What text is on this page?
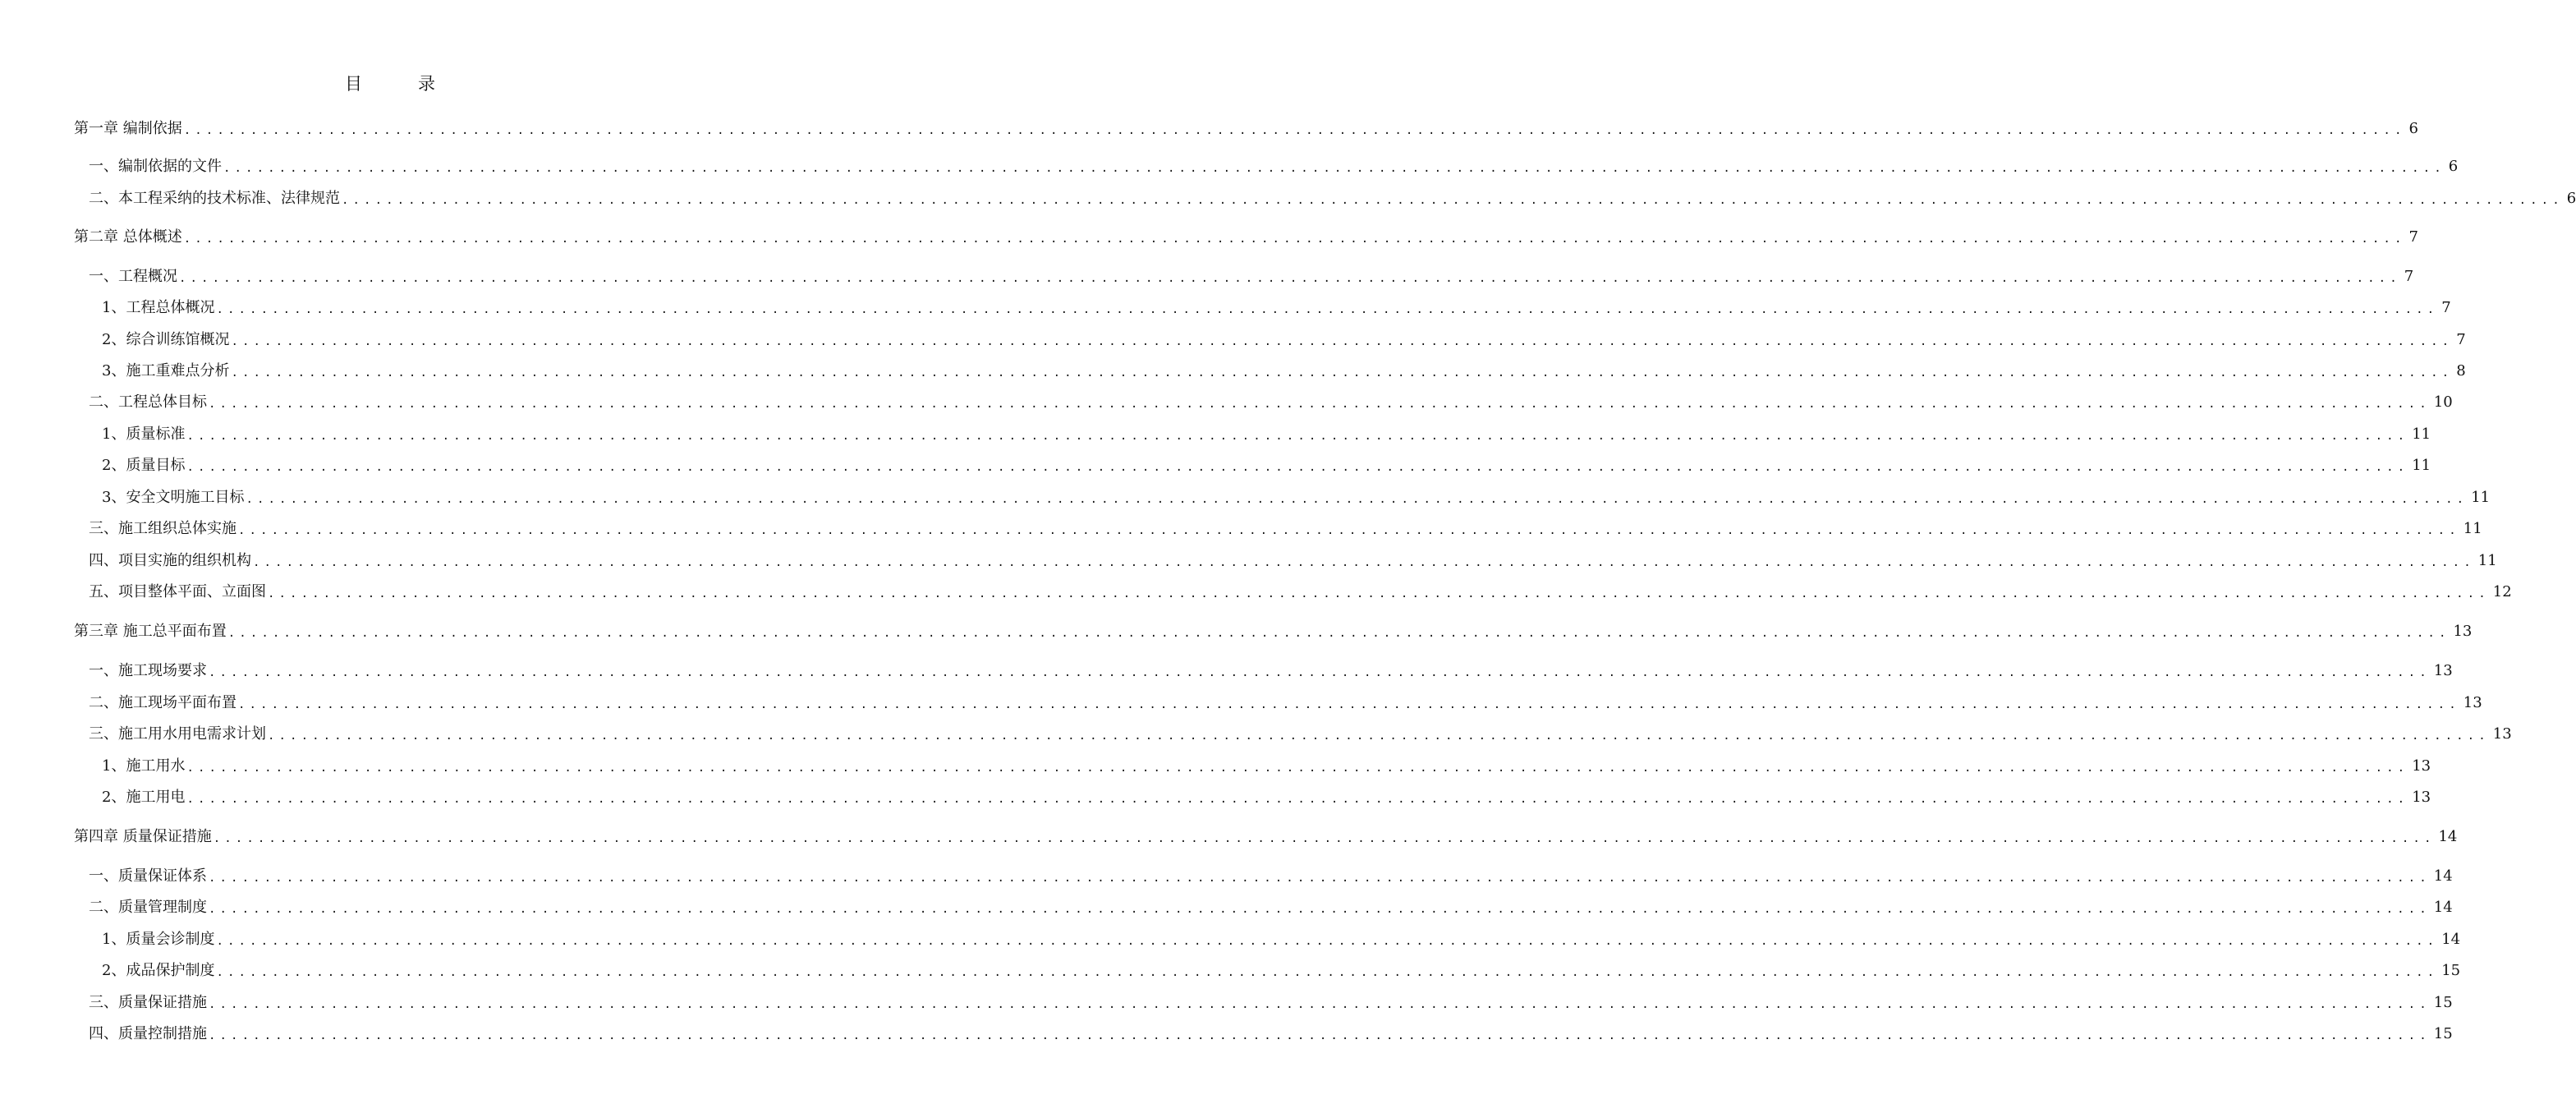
目	录
第一章 编制依据 ........................................................................................................................................................................................................ 6
一、编制依据的文件 ........................................................................................................................................................................................................ 6
二、本工程采纳的技术标准、法律规范 ........................................................................................................................................................................................................ 6
第二章 总体概述 ........................................................................................................................................................................................................ 7
一、工程概况 ........................................................................................................................................................................................................ 7
1、工程总体概况 ........................................................................................................................................................................................................ 7
2、综合训练馆概况 ........................................................................................................................................................................................................ 7
3、施工重难点分析 ........................................................................................................................................................................................................ 8
二、工程总体目标 ........................................................................................................................................................................................................ 10
1、质量标准 ........................................................................................................................................................................................................ 11
2、质量目标 ........................................................................................................................................................................................................ 11
3、安全文明施工目标 ........................................................................................................................................................................................................ 11
三、施工组织总体实施 ........................................................................................................................................................................................................ 11
四、项目实施的组织机构 ........................................................................................................................................................................................................ 11
五、项目整体平面、立面图 ........................................................................................................................................................................................................ 12
第三章 施工总平面布置 ........................................................................................................................................................................................................ 13
一、施工现场要求 ........................................................................................................................................................................................................ 13
二、施工现场平面布置 ........................................................................................................................................................................................................ 13
三、施工用水用电需求计划 ........................................................................................................................................................................................................ 13
1、施工用水 ........................................................................................................................................................................................................ 13
2、施工用电 ........................................................................................................................................................................................................ 13
第四章 质量保证措施 ........................................................................................................................................................................................................ 14
一、质量保证体系 ........................................................................................................................................................................................................ 14
二、质量管理制度 ........................................................................................................................................................................................................ 14
1、质量会诊制度 ........................................................................................................................................................................................................ 14
2、成品保护制度 ........................................................................................................................................................................................................ 15
三、质量保证措施 ........................................................................................................................................................................................................ 15
四、质量控制措施 ........................................................................................................................................................................................................ 15
